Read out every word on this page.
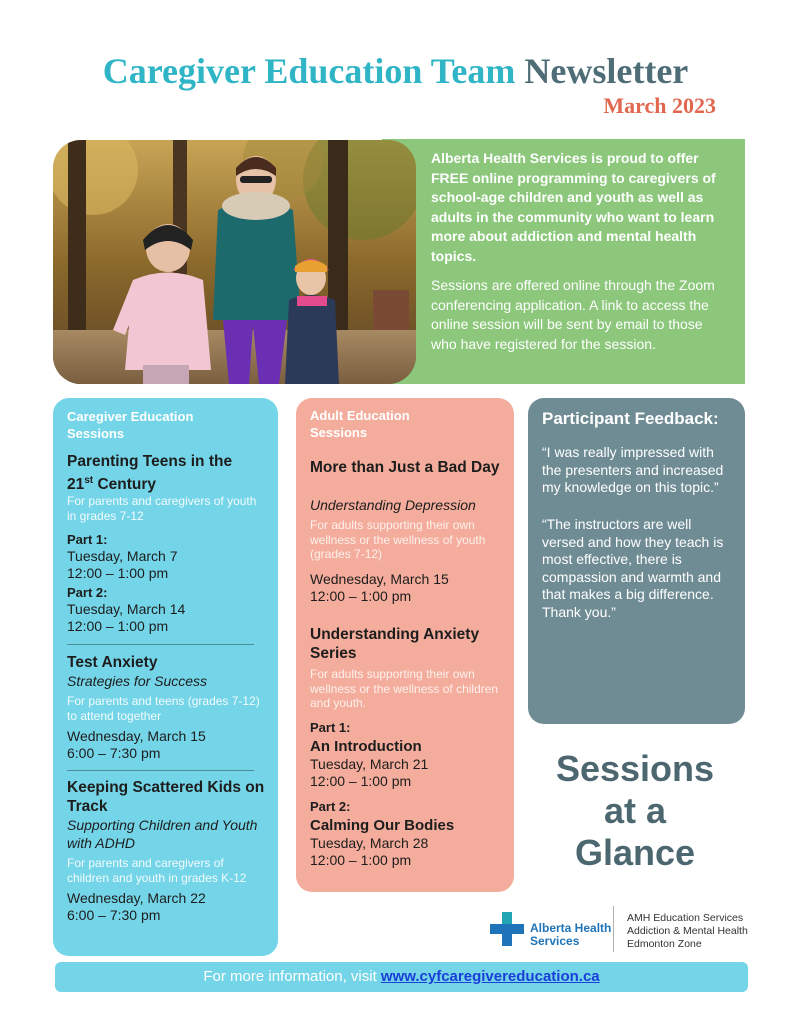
Caregiver Education Team Newsletter
March 2023
Alberta Health Services is proud to offer FREE online programming to caregivers of school-age children and youth as well as adults in the community who want to learn more about addiction and mental health topics.
Sessions are offered online through the Zoom conferencing application. A link to access the online session will be sent by email to those who have registered for the session.
Caregiver Education
Sessions
Parenting Teens in the
21st Century
For parents and caregivers of youth in grades 7-12
Part 1:
Tuesday, March 7
12:00 – 1:00 pm
Part 2:
Tuesday, March 14
12:00 – 1:00 pm
Test Anxiety
Strategies for Success
For parents and teens (grades 7-12) to attend together
Wednesday, March 15
6:00 – 7:30 pm
Keeping Scattered Kids on Track
Supporting Children and Youth with ADHD
For parents and caregivers of children and youth in grades K-12
Wednesday, March 22
6:00 – 7:30 pm
Adult Education
Sessions
More than Just a Bad Day
Understanding Depression
For adults supporting their own wellness or the wellness of youth (grades 7-12)
Wednesday, March 15
12:00 – 1:00 pm
Understanding Anxiety Series
For adults supporting their own wellness or the wellness of children and youth.
Part 1:
An Introduction
Tuesday, March 21
12:00 – 1:00 pm
Part 2:
Calming Our Bodies
Tuesday, March 28
12:00 – 1:00 pm
Participant Feedback:
“I was really impressed with the presenters and increased my knowledge on this topic.”
“The instructors are well versed and how they teach is most effective, there is compassion and warmth and that makes a big difference. Thank you.”
Sessions
at a
Glance
Alberta Health
Services
AMH Education Services
Addiction & Mental Health
Edmonton Zone
For more information, visit www.cyfcaregivereducation.ca
